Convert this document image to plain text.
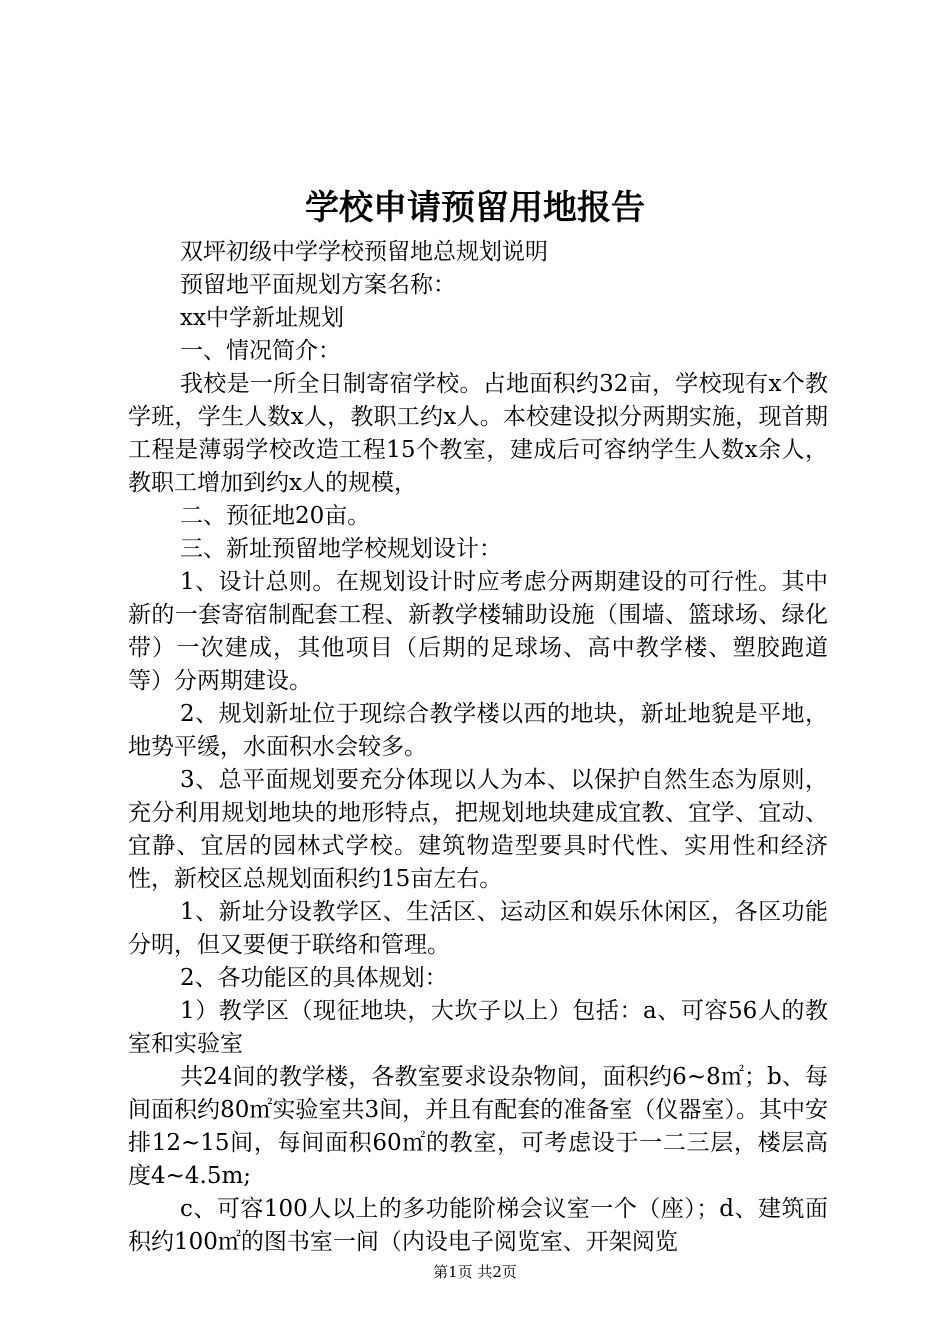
学校申请预留用地报告

双坪初级中学学校预留地总规划说明

预留地平面规划方案名称：

xx中学新址规划

一、情况简介：

我校是一所全日制寄宿学校。占地面积约32亩，学校现有x个教学班，学生人数x人，教职工约x人。本校建设拟分两期实施，现首期工程是薄弱学校改造工程15个教室，建成后可容纳学生人数x余人，教职工增加到约x人的规模，

二、预征地20亩。

三、新址预留地学校规划设计：

1、设计总则。在规划设计时应考虑分两期建设的可行性。其中新的一套寄宿制配套工程、新教学楼辅助设施（围墙、篮球场、绿化带）一次建成，其他项目（后期的足球场、高中教学楼、塑胶跑道等）分两期建设。

2、规划新址位于现综合教学楼以西的地块，新址地貌是平地，地势平缓，水面积水会较多。

3、总平面规划要充分体现以人为本、以保护自然生态为原则，充分利用规划地块的地形特点，把规划地块建成宜教、宜学、宜动、宜静、宜居的园林式学校。建筑物造型要具时代性、实用性和经济性，新校区总规划面积约15亩左右。

1、新址分设教学区、生活区、运动区和娱乐休闲区，各区功能分明，但又要便于联络和管理。

2、各功能区的具体规划：

1）教学区（现征地块，大坎子以上）包括：a、可容56人的教室和实验室

共24间的教学楼，各教室要求设杂物间，面积约6~8㎡；b、每间面积约80㎡实验室共3间，并且有配套的准备室（仪器室）。其中安排12~15间，每间面积60㎡的教室，可考虑设于一二三层，楼层高度4~4.5m;

c、可容100人以上的多功能阶梯会议室一个（座）；d、建筑面积约100㎡的图书室一间（内设电子阅览室、开架阅览

第1页 共2页
